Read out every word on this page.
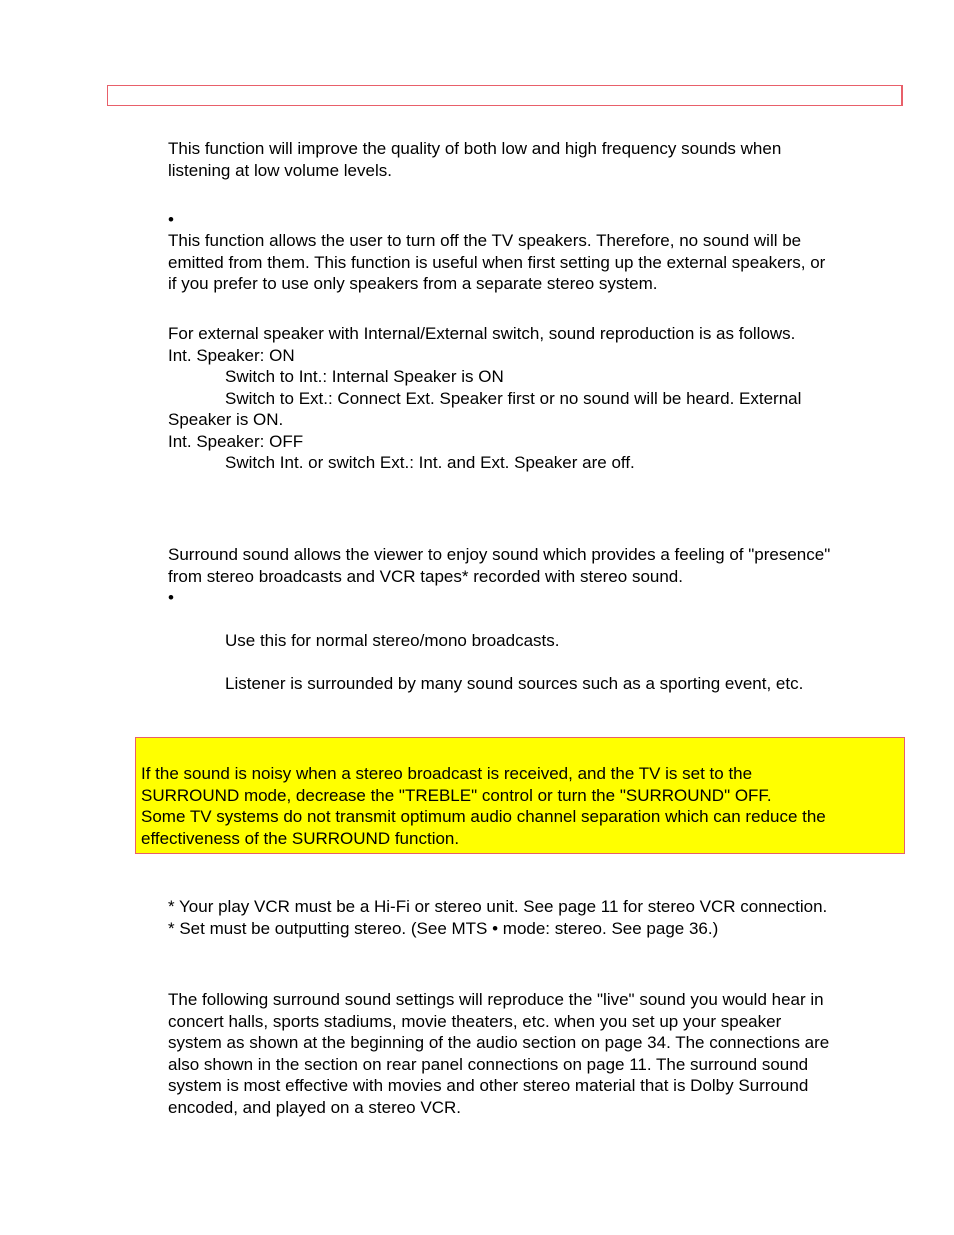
This function will improve the quality of both low and high frequency sounds when
listening at low volume levels.
•
This function allows the user to turn off the TV speakers. Therefore, no sound will be
emitted from them. This function is useful when first setting up the external speakers, or
if you prefer to use only speakers from a separate stereo system.
For external speaker with Internal/External switch, sound reproduction is as follows.
Int. Speaker: ON
Switch to Int.: Internal Speaker is ON
Switch to Ext.: Connect Ext. Speaker first or no sound will be heard. External
Speaker is ON.
Int. Speaker: OFF
Switch Int. or switch Ext.: Int. and Ext. Speaker are off.
Surround sound allows the viewer to enjoy sound which provides a feeling of "presence"
from stereo broadcasts and VCR tapes* recorded with stereo sound.
•
Use this for normal stereo/mono broadcasts.
Listener is surrounded by many sound sources such as a sporting event, etc.
If the sound is noisy when a stereo broadcast is received, and the TV is set to the
SURROUND mode, decrease the "TREBLE" control or turn the "SURROUND" OFF.
Some TV systems do not transmit optimum audio channel separation which can reduce the
effectiveness of the SURROUND function.
* Your play VCR must be a Hi-Fi or stereo unit. See page 11 for stereo VCR connection.
* Set must be outputting stereo. (See MTS • mode: stereo. See page 36.)
The following surround sound settings will reproduce the "live" sound you would hear in
concert halls, sports stadiums, movie theaters, etc. when you set up your speaker
system as shown at the beginning of the audio section on page 34. The connections are
also shown in the section on rear panel connections on page 11. The surround sound
system is most effective with movies and other stereo material that is Dolby Surround
encoded, and played on a stereo VCR.
